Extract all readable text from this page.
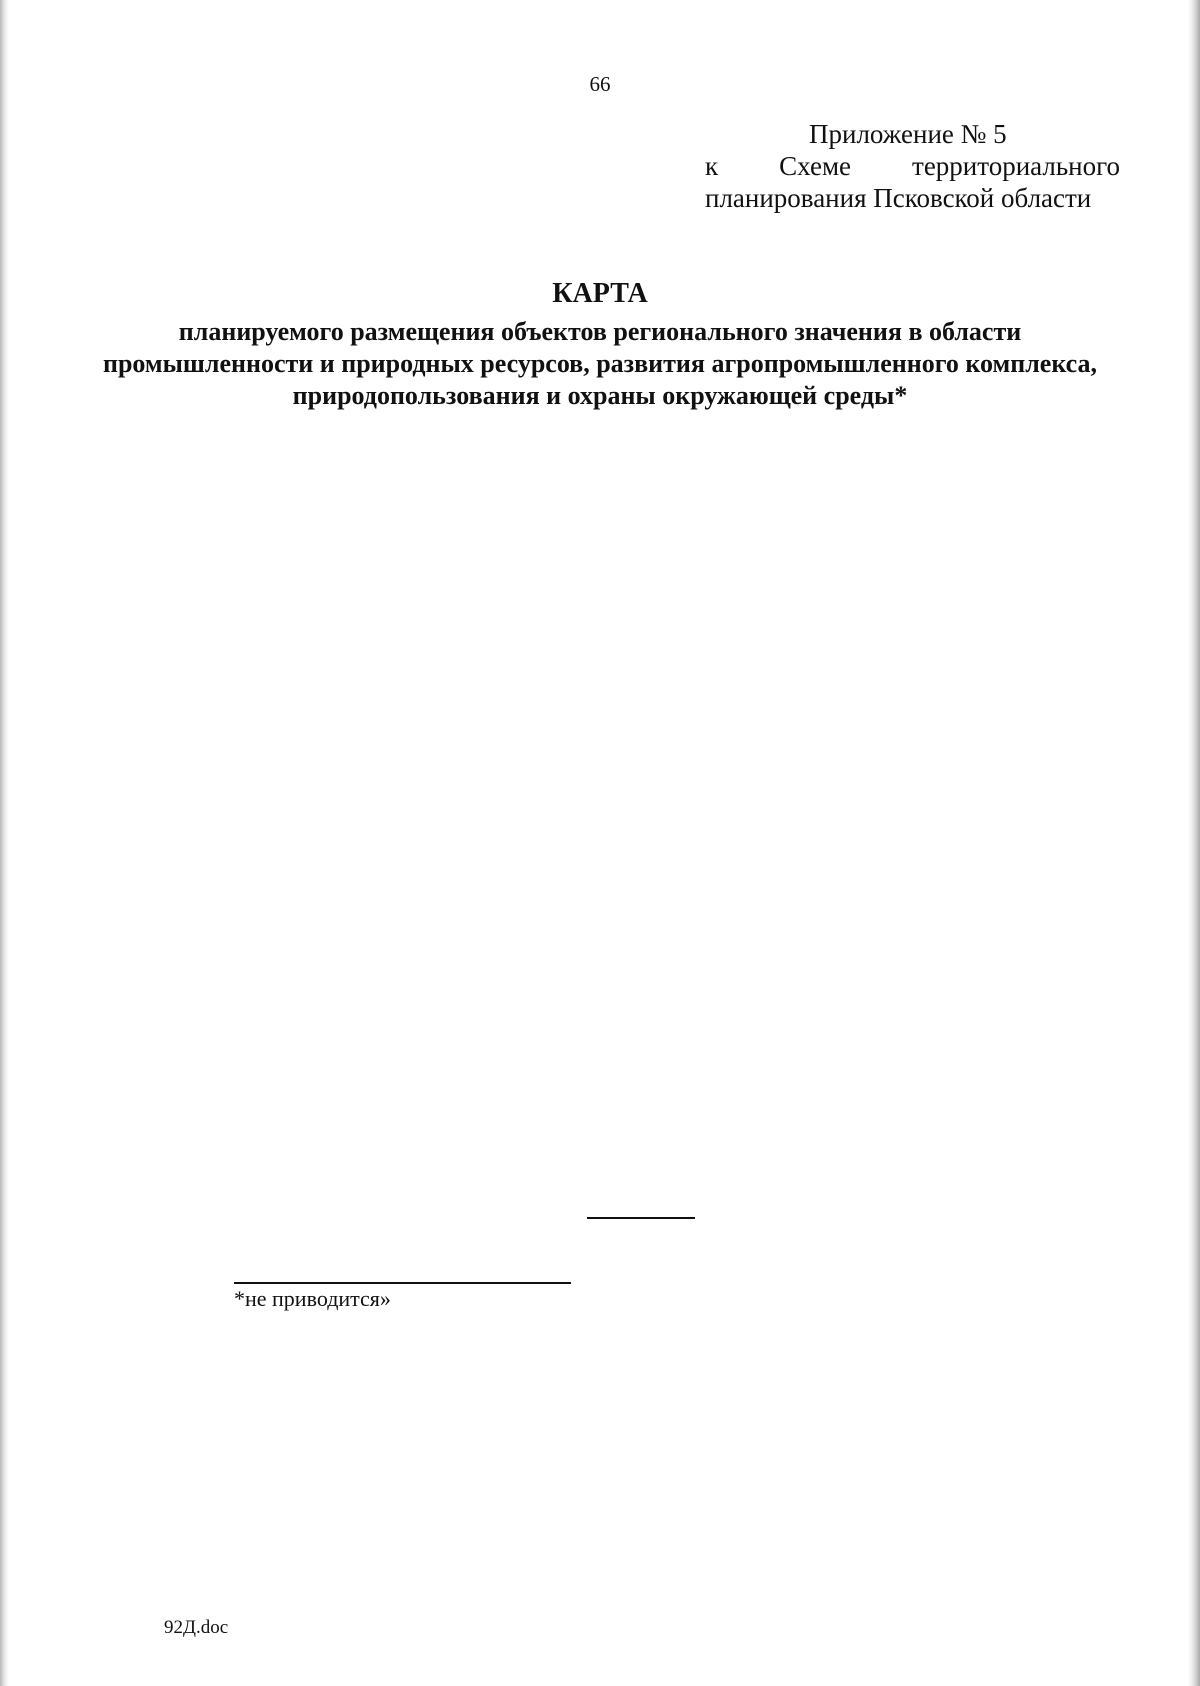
66
Приложение № 5
к Схеме территориального
планирования Псковской области
КАРТА
планируемого размещения объектов регионального значения в области промышленности и природных ресурсов, развития агропромышленного комплекса, природопользования и охраны окружающей среды*
*не приводится»
92Д.doc
